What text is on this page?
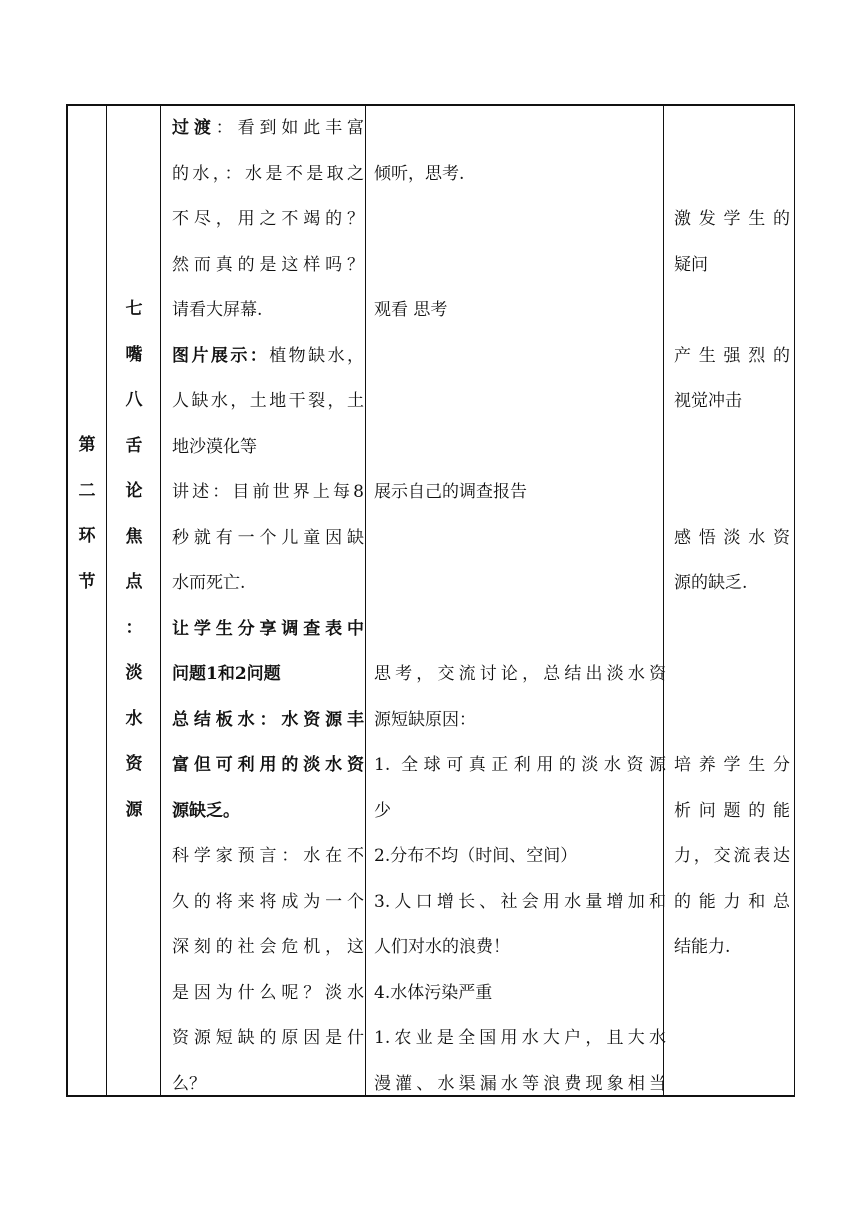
第
二
环
节
七
嘴
八
舌
论
焦
点
：
淡
水
资
源
过渡：看到如此丰富
的水，：水是不是取之
不尽，用之不竭的？
然而真的是这样吗？
请看大屏幕.
图片展示：植物缺水，
人缺水，土地干裂，土
地沙漠化等
讲述：目前世界上每8
秒就有一个儿童因缺
水而死亡.
让学生分享调查表中
问题1和2问题
总结板水：水资源丰
富但可利用的淡水资
源缺乏。
科学家预言：水在不
久的将来将成为一个
深刻的社会危机，这
是因为什么呢？淡水
资源短缺的原因是什
么？
倾听，思考.
观看 思考
展示自己的调查报告
思考，交流讨论，总结出淡水资
源短缺原因：
1. 全球可真正利用的淡水资源
少
2.分布不均（时间、空间）
3.人口增长、社会用水量增加和
人们对水的浪费！
4.水体污染严重
1.农业是全国用水大户，且大水
漫灌、水渠漏水等浪费现象相当
激发学生的
疑问
产生强烈的
视觉冲击
感悟淡水资
源的缺乏.
培养学生分
析问题的能
力，交流表达
的能力和总
结能力.
